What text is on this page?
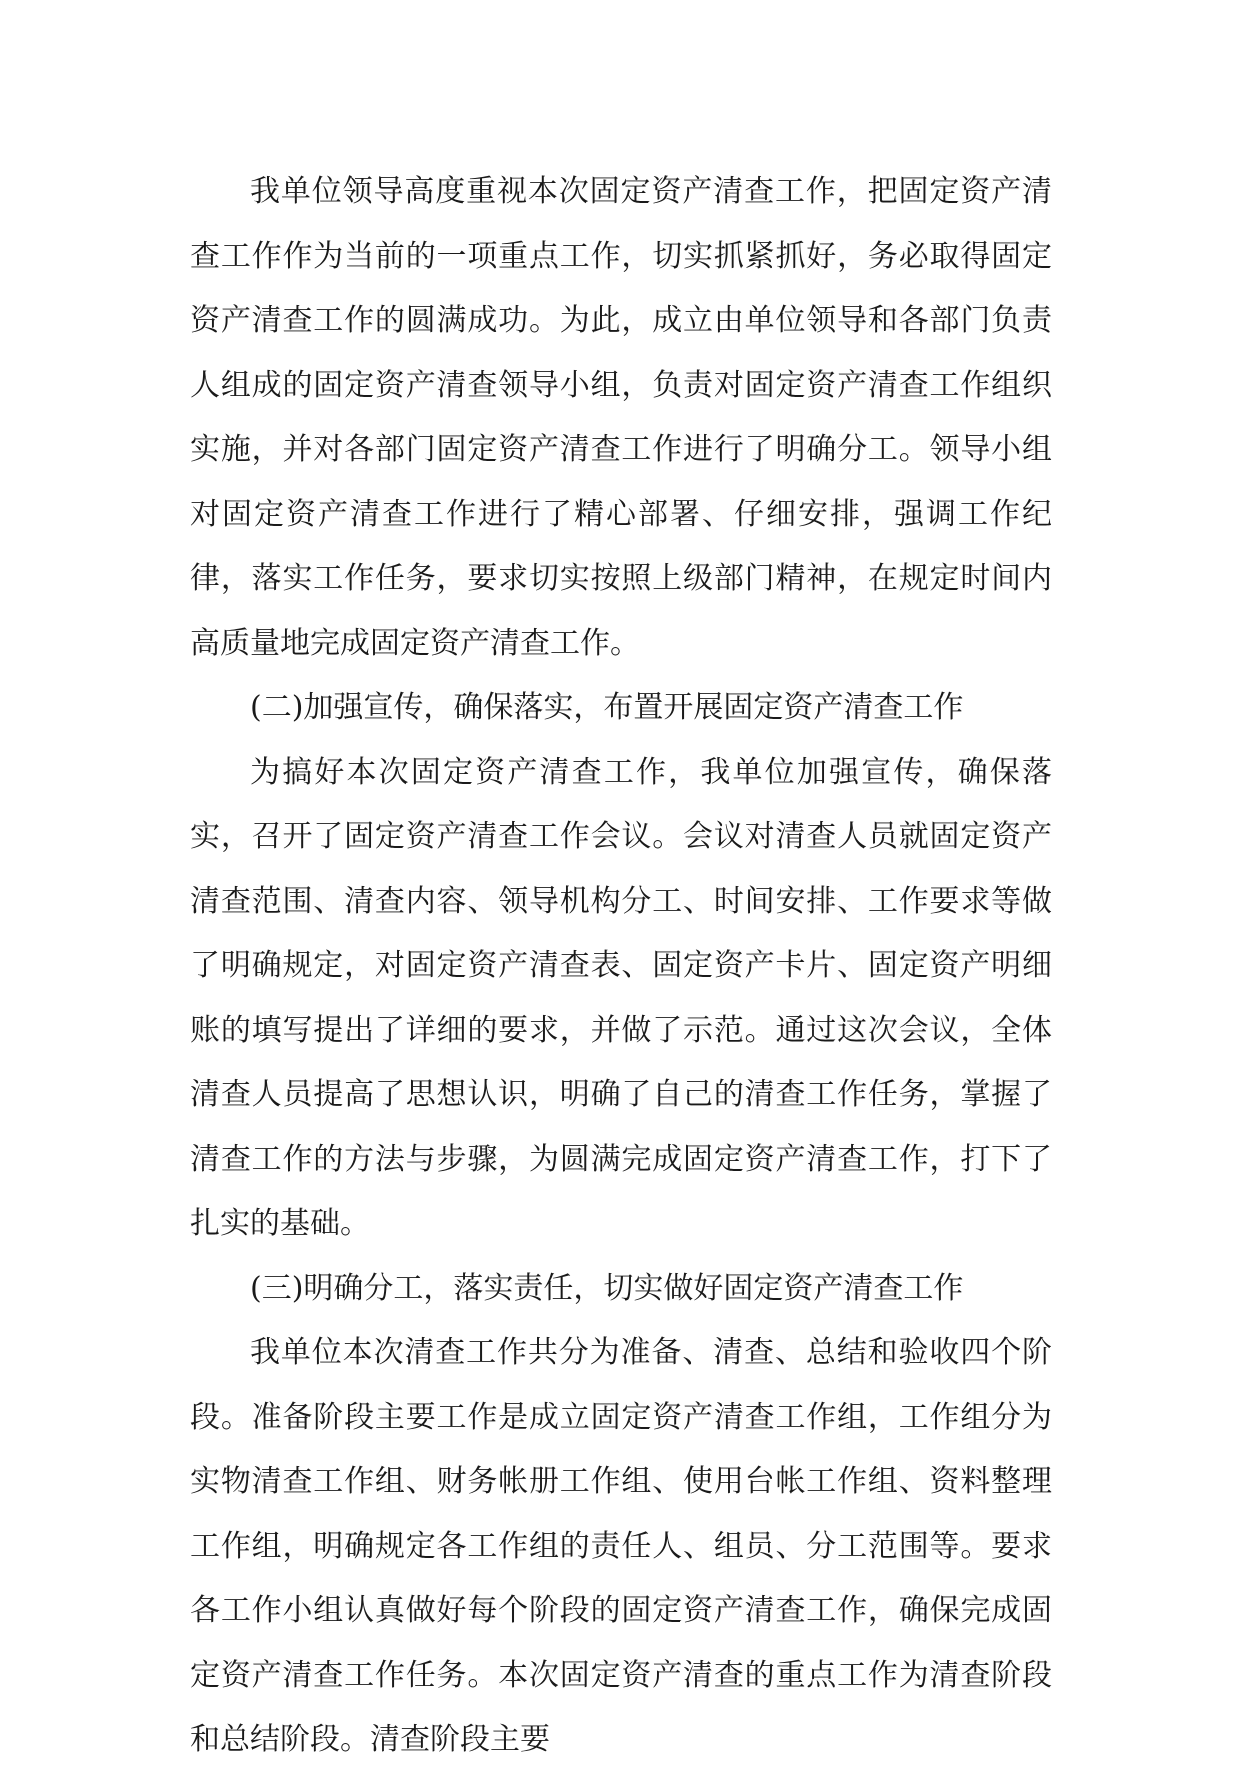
我单位领导高度重视本次固定资产清查工作，把固定资产清查工作作为当前的一项重点工作，切实抓紧抓好，务必取得固定资产清查工作的圆满成功。为此，成立由单位领导和各部门负责人组成的固定资产清查领导小组，负责对固定资产清查工作组织实施，并对各部门固定资产清查工作进行了明确分工。领导小组对固定资产清查工作进行了精心部署、仔细安排，强调工作纪律，落实工作任务，要求切实按照上级部门精神，在规定时间内高质量地完成固定资产清查工作。

(二)加强宣传，确保落实，布置开展固定资产清查工作

为搞好本次固定资产清查工作，我单位加强宣传，确保落实，召开了固定资产清查工作会议。会议对清查人员就固定资产清查范围、清查内容、领导机构分工、时间安排、工作要求等做了明确规定，对固定资产清查表、固定资产卡片、固定资产明细账的填写提出了详细的要求，并做了示范。通过这次会议，全体清查人员提高了思想认识，明确了自己的清查工作任务，掌握了清查工作的方法与步骤，为圆满完成固定资产清查工作，打下了扎实的基础。

(三)明确分工，落实责任，切实做好固定资产清查工作

我单位本次清查工作共分为准备、清查、总结和验收四个阶段。准备阶段主要工作是成立固定资产清查工作组，工作组分为实物清查工作组、财务帐册工作组、使用台帐工作组、资料整理工作组，明确规定各工作组的责任人、组员、分工范围等。要求各工作小组认真做好每个阶段的固定资产清查工作，确保完成固定资产清查工作任务。本次固定资产清查的重点工作为清查阶段和总结阶段。清查阶段主要
